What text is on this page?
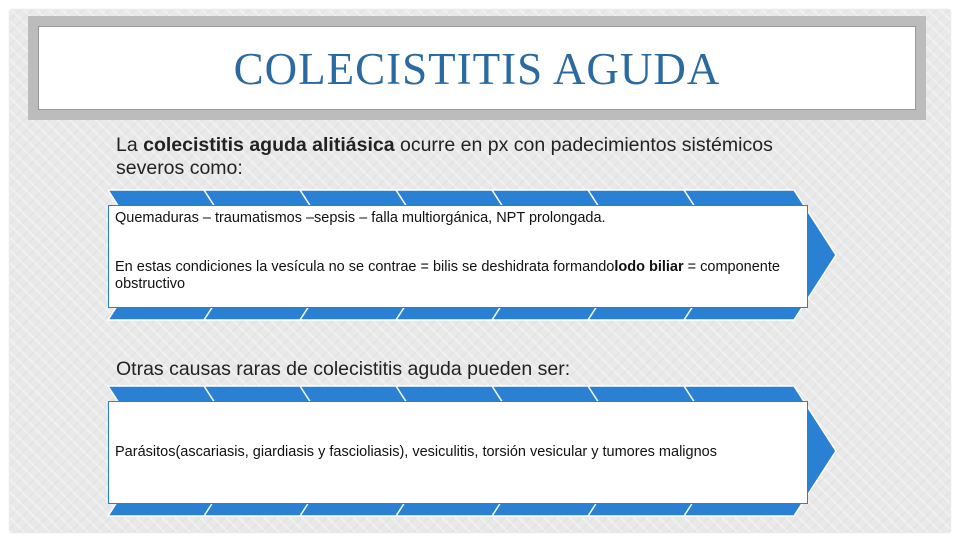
COLECISTITIS AGUDA
La colecistitis aguda alitiásica ocurre en px con padecimientos sistémicos severos como:

Quemaduras – traumatismos –sepsis – falla multiorgánica, NPT prolongada.

En estas condiciones la vesícula no se contrae = bilis se deshidrata formandolodo biliar = componente obstructivo

Otras causas raras de colecistitis aguda pueden ser:
Parásitos(ascariasis, giardiasis y fascioliasis), vesiculitis, torsión vesicular y tumores malignos
